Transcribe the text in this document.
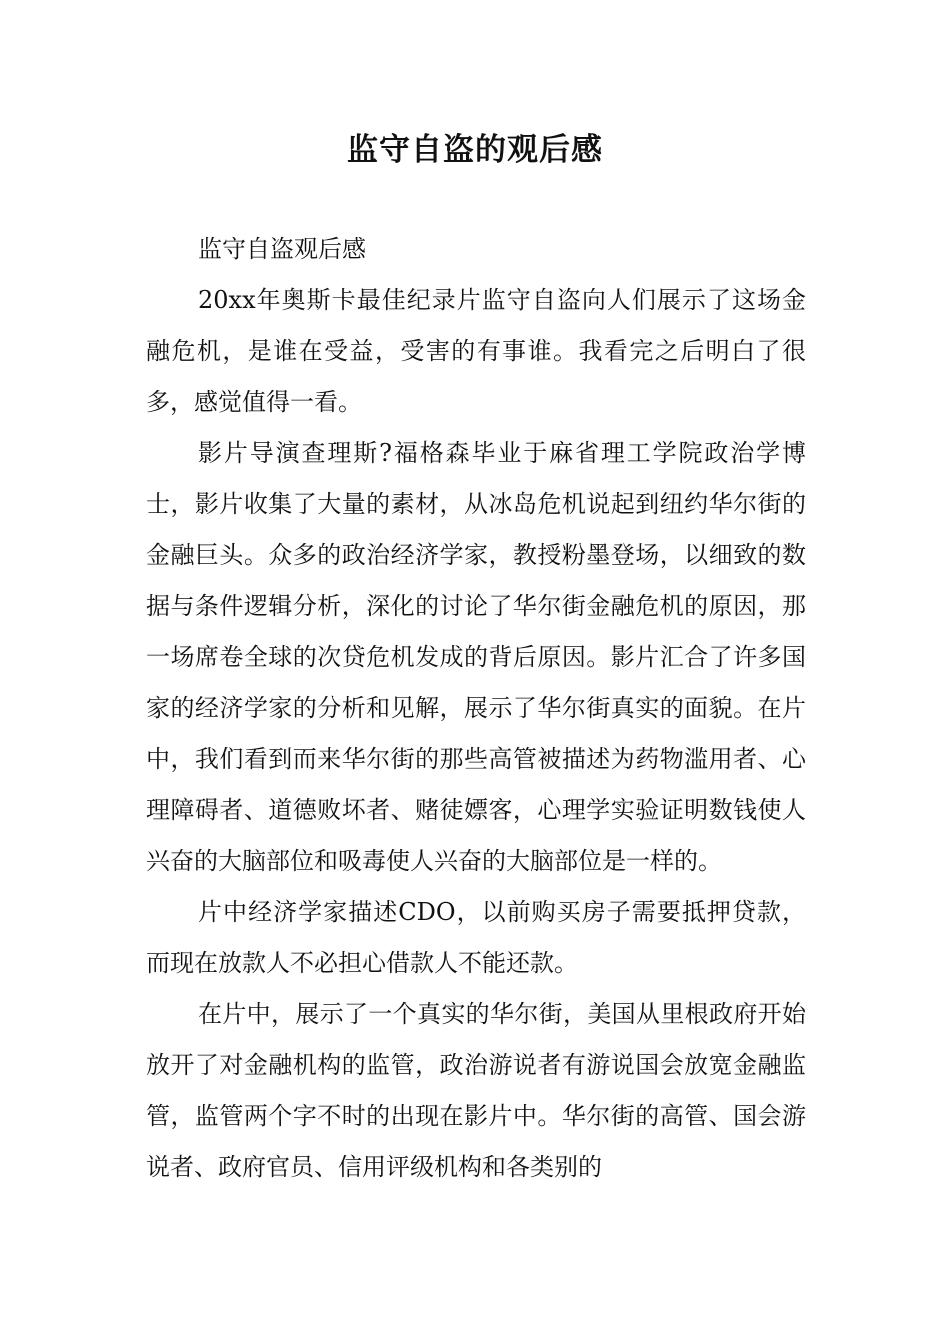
监守自盗的观后感

监守自盗观后感

20xx年奥斯卡最佳纪录片监守自盗向人们展示了这场金融危机，是谁在受益，受害的有事谁。我看完之后明白了很多，感觉值得一看。

影片导演查理斯?福格森毕业于麻省理工学院政治学博士，影片收集了大量的素材，从冰岛危机说起到纽约华尔街的金融巨头。众多的政治经济学家，教授粉墨登场，以细致的数据与条件逻辑分析，深化的讨论了华尔街金融危机的原因，那一场席卷全球的次贷危机发成的背后原因。影片汇合了许多国家的经济学家的分析和见解，展示了华尔街真实的面貌。在片中，我们看到而来华尔街的那些高管被描述为药物滥用者、心理障碍者、道德败坏者、赌徒嫖客，心理学实验证明数钱使人兴奋的大脑部位和吸毒使人兴奋的大脑部位是一样的。

片中经济学家描述CDO，以前购买房子需要抵押贷款，而现在放款人不必担心借款人不能还款。

在片中，展示了一个真实的华尔街，美国从里根政府开始放开了对金融机构的监管，政治游说者有游说国会放宽金融监管，监管两个字不时的出现在影片中。华尔街的高管、国会游说者、政府官员、信用评级机构和各类别的
